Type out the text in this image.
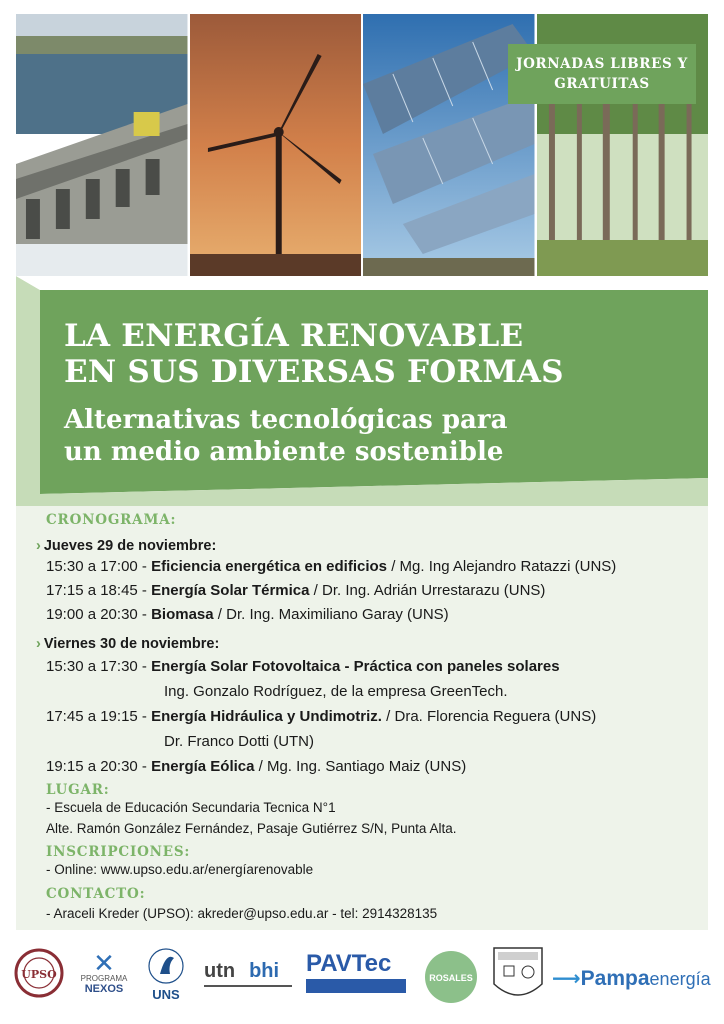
JORNADAS LIBRES Y
GRATUITAS
LA ENERGÍA RENOVABLE
EN SUS DIVERSAS FORMAS
Alternativas tecnológicas para
un medio ambiente sostenible
CRONOGRAMA:
› Jueves 29 de noviembre:
15:30 a 17:00 - Eficiencia energética en edificios / Mg. Ing Alejandro Ratazzi (UNS)
17:15 a 18:45 - Energía Solar Térmica / Dr. Ing. Adrián Urrestarazu (UNS)
19:00 a 20:30 - Biomasa / Dr. Ing. Maximiliano Garay (UNS)
› Viernes 30 de noviembre:
15:30 a 17:30 - Energía Solar Fotovoltaica - Práctica con paneles solares
Ing. Gonzalo Rodríguez, de la empresa GreenTech.
17:45 a 19:15 - Energía Hidráulica y Undimotriz. / Dra. Florencia Reguera (UNS)
Dr. Franco Dotti (UTN)
19:15 a 20:30 - Energía Eólica / Mg. Ing. Santiago Maiz (UNS)
LUGAR:
- Escuela de Educación Secundaria Tecnica N°1
Alte. Ramón González Fernández, Pasaje Gutiérrez S/N, Punta Alta.
INSCRIPCIONES:
- Online: www.upso.edu.ar/energíarenovable
CONTACTO:
- Araceli Kreder (UPSO): akreder@upso.edu.ar - tel: 2914328135
UPSO	✕
PROGRAMA
NEXOS	UNS
utn bhi	PAVTec
ROSALES	⟶Pampaenergía
